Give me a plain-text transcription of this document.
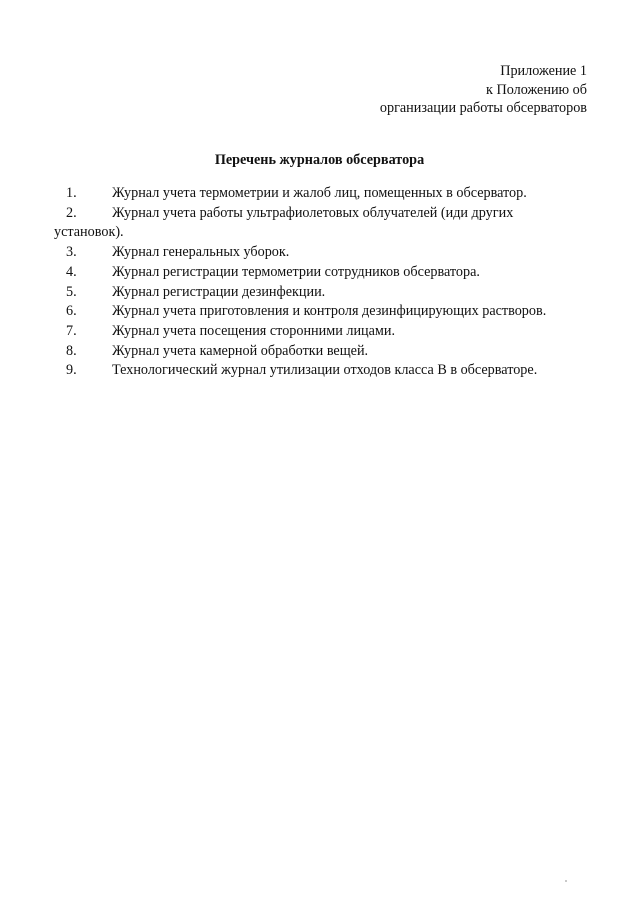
Приложение 1
к Положению об
организации работы обсерваторов
Перечень журналов обсерватора
1. Журнал учета термометрии и жалоб лиц, помещенных в обсерватор.
2. Журнал учета работы ультрафиолетовых облучателей (иди других
установок).
3. Журнал генеральных уборок.
4. Журнал регистрации термометрии сотрудников обсерватора.
5. Журнал регистрации дезинфекции.
6. Журнал учета приготовления и контроля дезинфицирующих растворов.
7. Журнал учета посещения сторонними лицами.
8. Журнал учета камерной обработки вещей.
9. Технологический журнал утилизации отходов класса В в обсерваторе.
